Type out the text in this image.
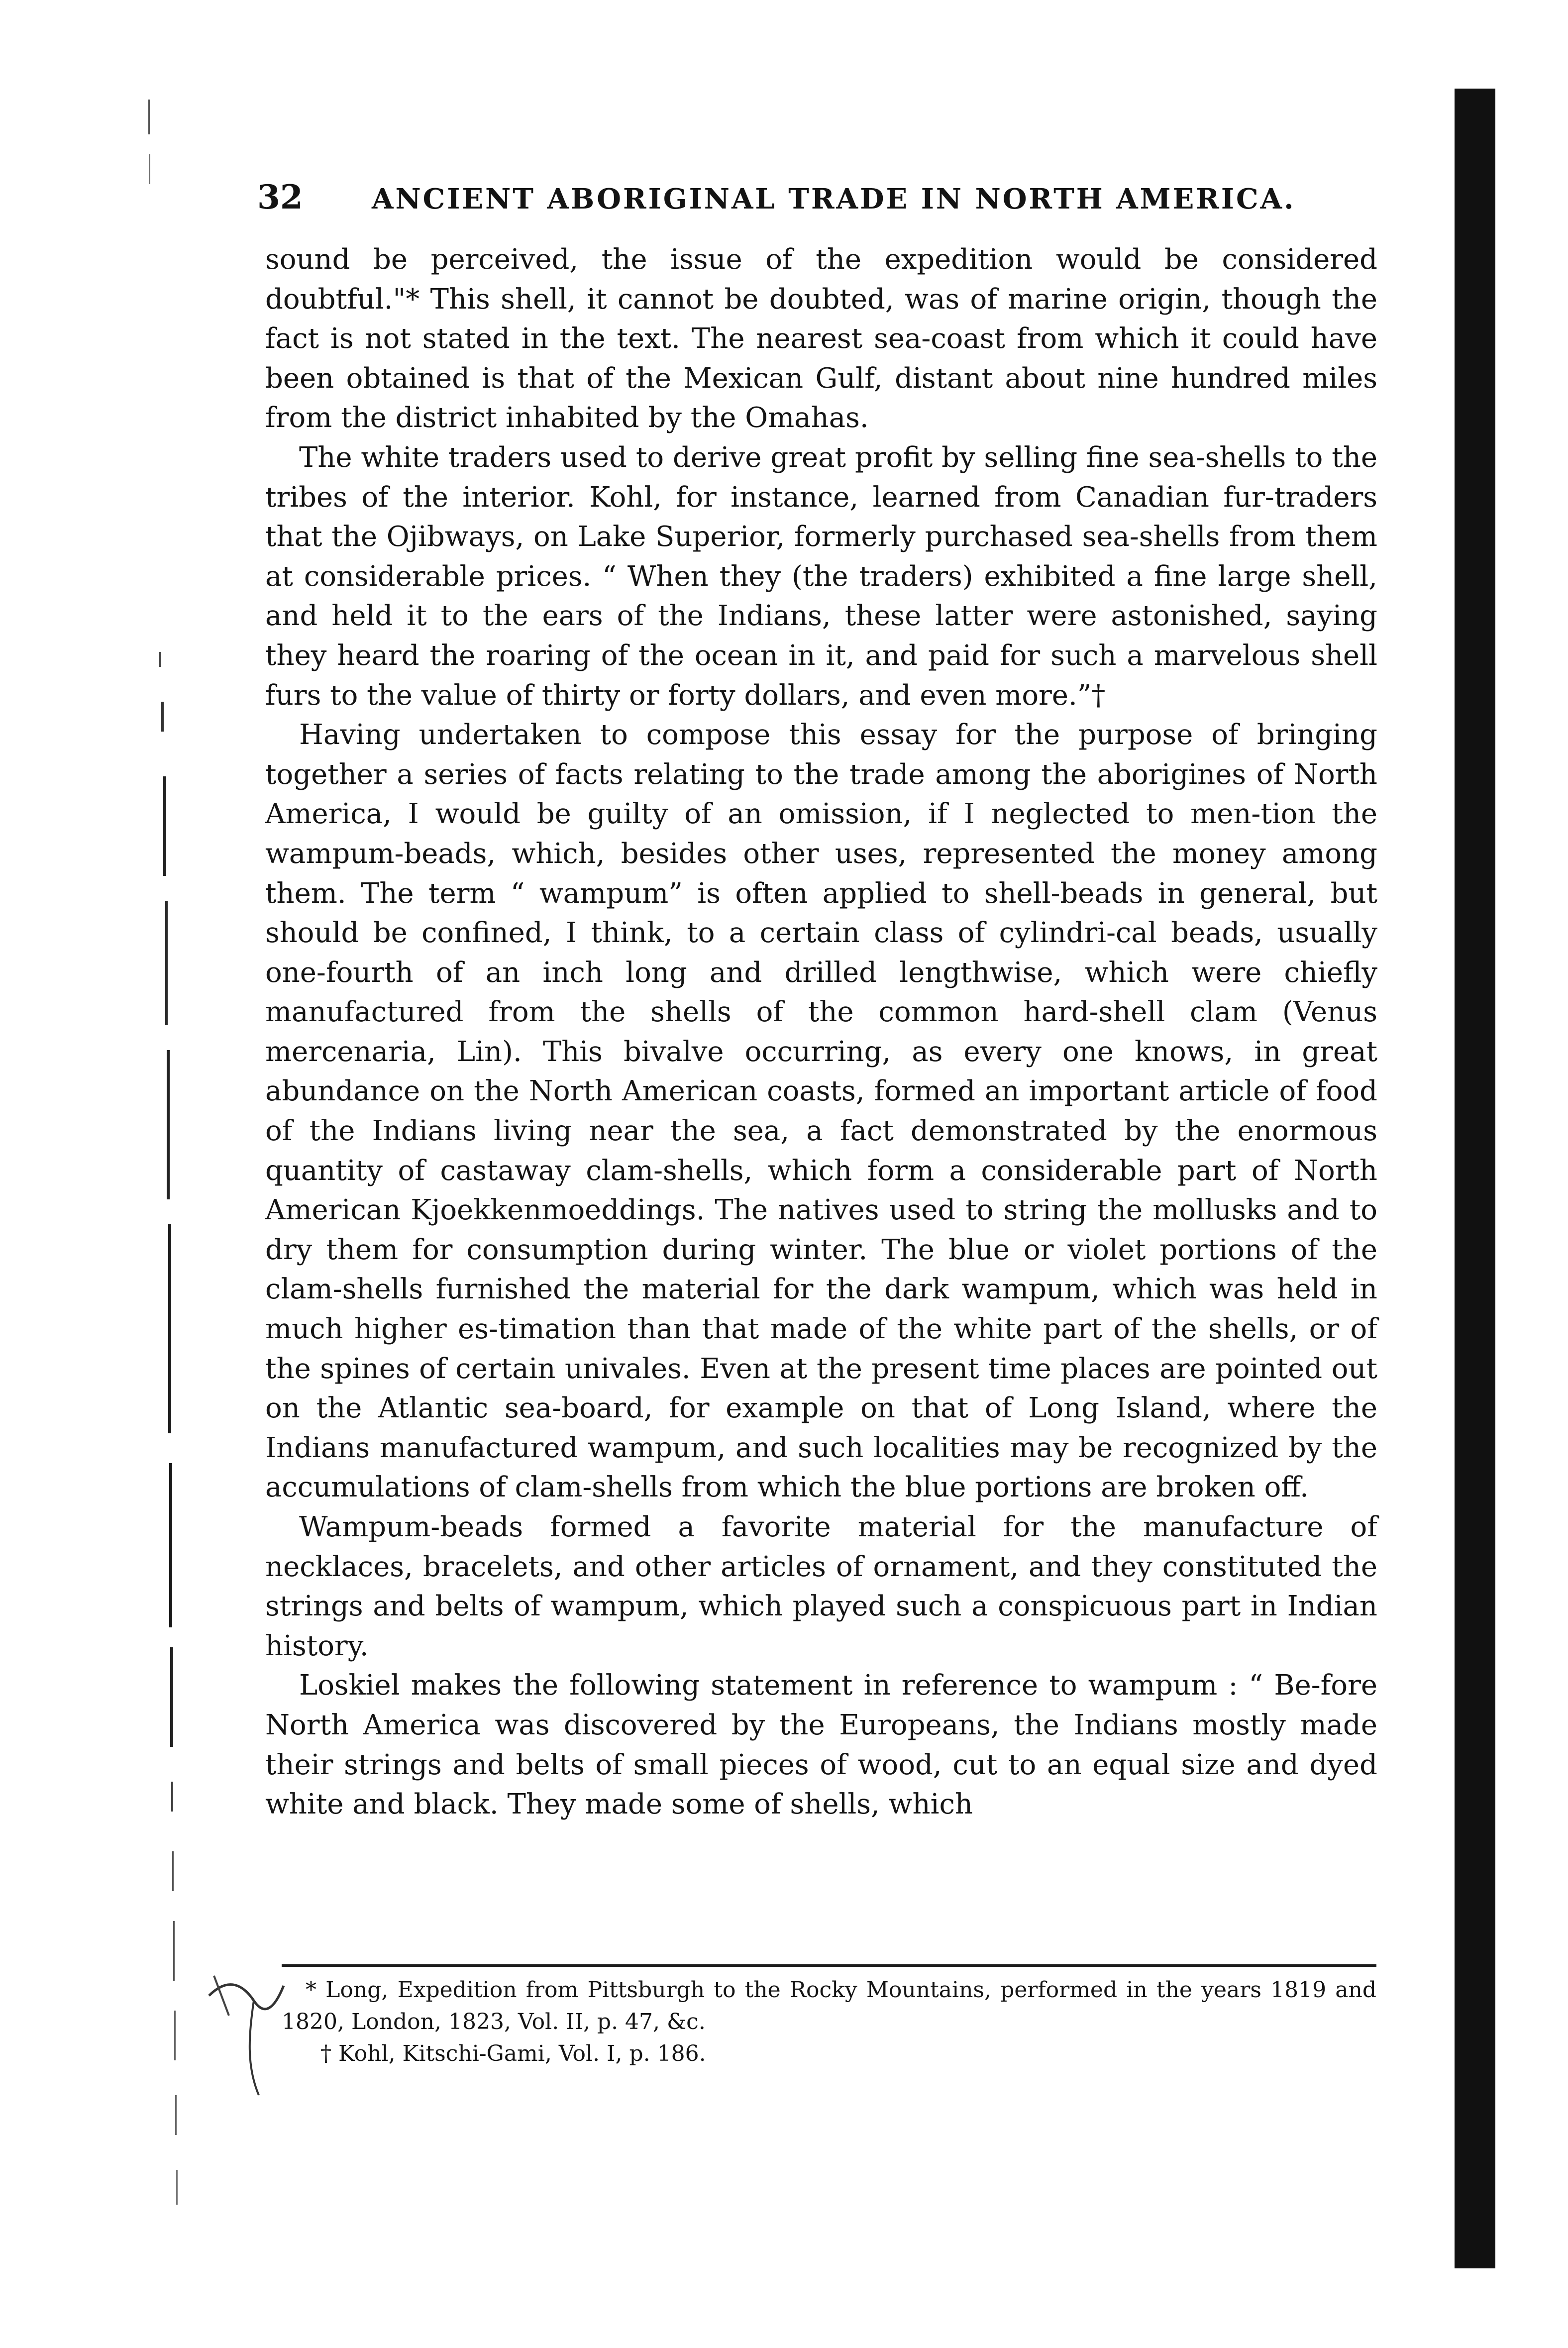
32	ANCIENT ABORIGINAL TRADE IN NORTH AMERICA.

sound be perceived, the issue of the expedition would be considered doubtful."* This shell, it cannot be doubted, was of marine origin, though the fact is not stated in the text. The nearest sea-coast from which it could have been obtained is that of the Mexican Gulf, distant about nine hundred miles from the district inhabited by the Omahas.

The white traders used to derive great profit by selling fine sea-shells to the tribes of the interior. Kohl, for instance, learned from Canadian fur-traders that the Ojibways, on Lake Superior, formerly purchased sea-shells from them at considerable prices. “ When they (the traders) exhibited a fine large shell, and held it to the ears of the Indians, these latter were astonished, saying they heard the roaring of the ocean in it, and paid for such a marvelous shell furs to the value of thirty or forty dollars, and even more.”†

Having undertaken to compose this essay for the purpose of bringing together a series of facts relating to the trade among the aborigines of North America, I would be guilty of an omission, if I neglected to men-tion the wampum-beads, which, besides other uses, represented the money among them. The term “ wampum” is often applied to shell-beads in general, but should be confined, I think, to a certain class of cylindri-cal beads, usually one-fourth of an inch long and drilled lengthwise, which were chiefly manufactured from the shells of the common hard-shell clam (Venus mercenaria, Lin). This bivalve occurring, as every one knows, in great abundance on the North American coasts, formed an important article of food of the Indians living near the sea, a fact demonstrated by the enormous quantity of castaway clam-shells, which form a considerable part of North American Kjoekkenmoeddings. The natives used to string the mollusks and to dry them for consumption during winter. The blue or violet portions of the clam-shells furnished the material for the dark wampum, which was held in much higher es-timation than that made of the white part of the shells, or of the spines of certain univales. Even at the present time places are pointed out on the Atlantic sea-board, for example on that of Long Island, where the Indians manufactured wampum, and such localities may be recognized by the accumulations of clam-shells from which the blue portions are broken off.

Wampum-beads formed a favorite material for the manufacture of necklaces, bracelets, and other articles of ornament, and they constituted the strings and belts of wampum, which played such a conspicuous part in Indian history.

Loskiel makes the following statement in reference to wampum : “ Be-fore North America was discovered by the Europeans, the Indians mostly made their strings and belts of small pieces of wood, cut to an equal size and dyed white and black. They made some of shells, which

* Long, Expedition from Pittsburgh to the Rocky Mountains, performed in the years 1819 and 1820, London, 1823, Vol. II, p. 47, &c.

† Kohl, Kitschi-Gami, Vol. I, p. 186.
